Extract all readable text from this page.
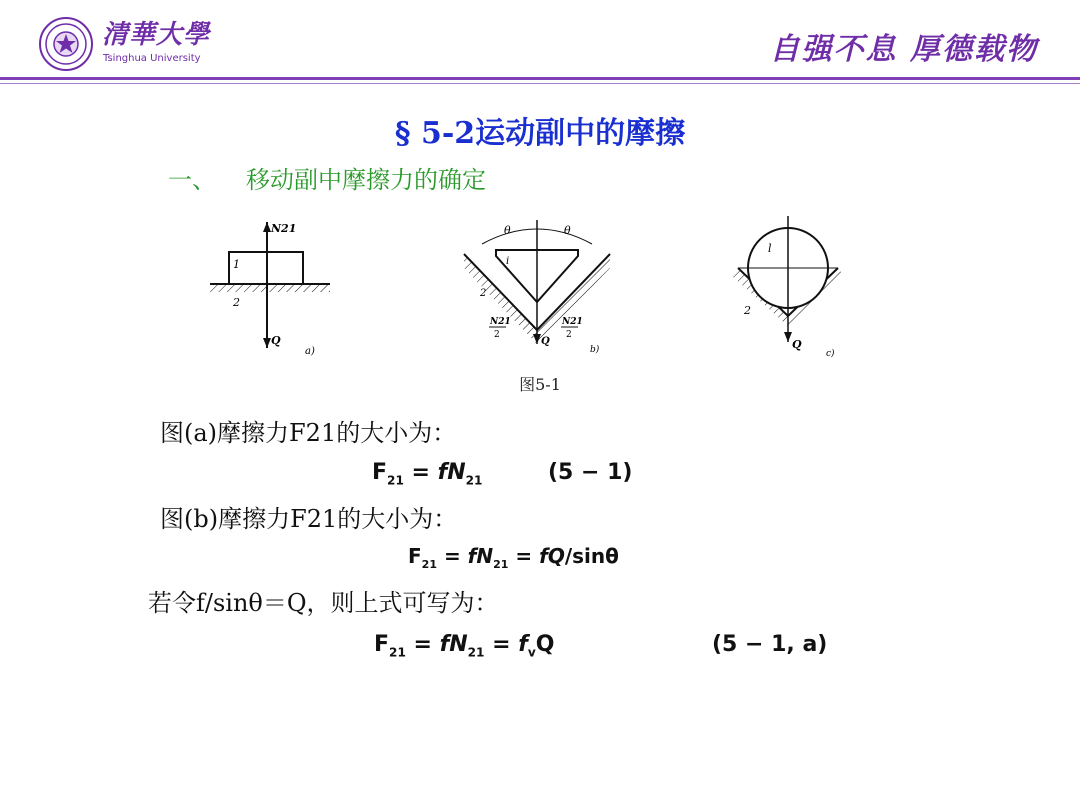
清華大學
Tsinghua University	自强不息 厚德载物
§ 5-2运动副中的摩擦
一、 移动副中摩擦力的确定
N21
1
2
Q
a)
θ	θ
i
2
N21
2
N21
2
Q
b)
l
2
Q
c)
图5-1
图(a)摩擦力F21的大小为：
$F_{21} = fN_{21}$	(5 − 1)
图(b)摩擦力F21的大小为：
$F_{21} = fN_{21} = fQ/\sin\theta$
若令f/sinθ＝Q，则上式可写为：
$F_{21} = fN_{21} = f_vQ$	(5 − 1, a)
